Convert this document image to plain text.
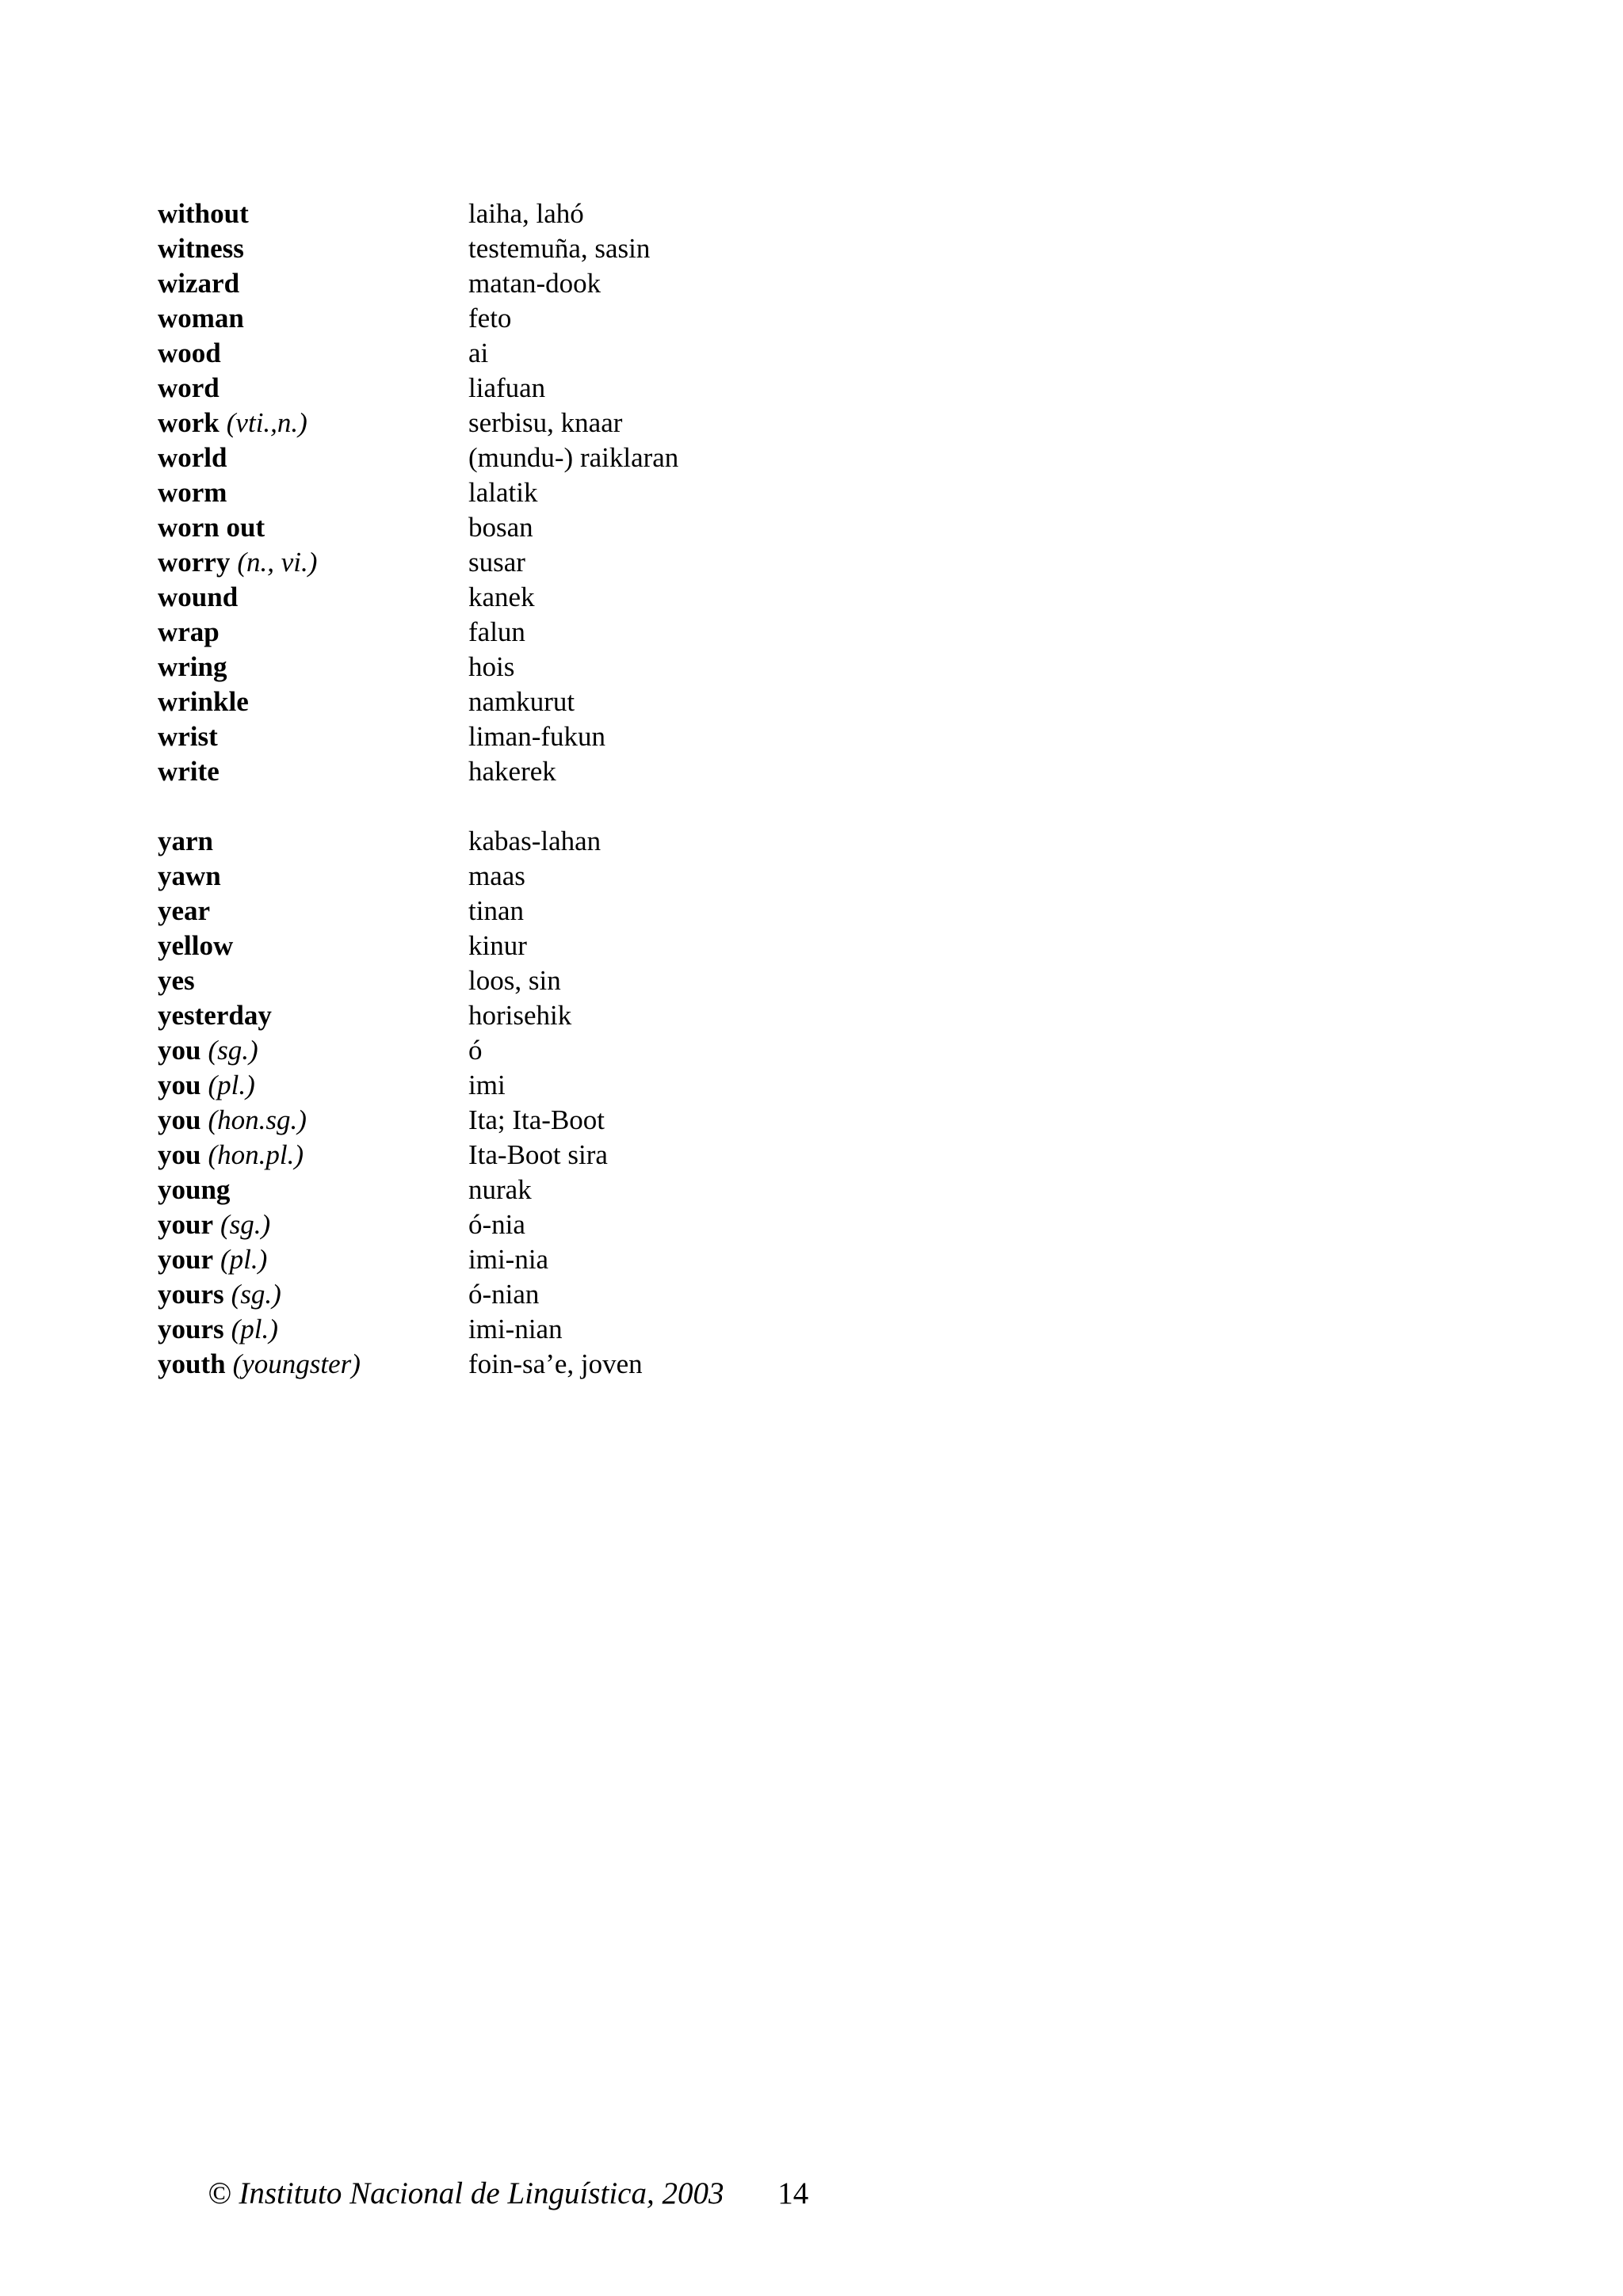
without	laiha, lahó
witness	testemuña, sasin
wizard	matan-dook
woman	feto
wood	ai
word	liafuan
work (vti.,n.)	serbisu, knaar
world	(mundu-) raiklaran
worm	lalatik
worn out	bosan
worry (n., vi.)	susar
wound	kanek
wrap	falun
wring	hois
wrinkle	namkurut
wrist	liman-fukun
write	hakerek
yarn	kabas-lahan
yawn	maas
year	tinan
yellow	kinur
yes	loos, sin
yesterday	horisehik
you (sg.)	ó
you (pl.)	imi
you (hon.sg.)	Ita; Ita-Boot
you (hon.pl.)	Ita-Boot sira
young	nurak
your (sg.)	ó-nia
your (pl.)	imi-nia
yours (sg.)	ó-nian
yours (pl.)	imi-nian
youth (youngster)	foin-sa’e, joven
© Instituto Nacional de Linguística, 2003 14
